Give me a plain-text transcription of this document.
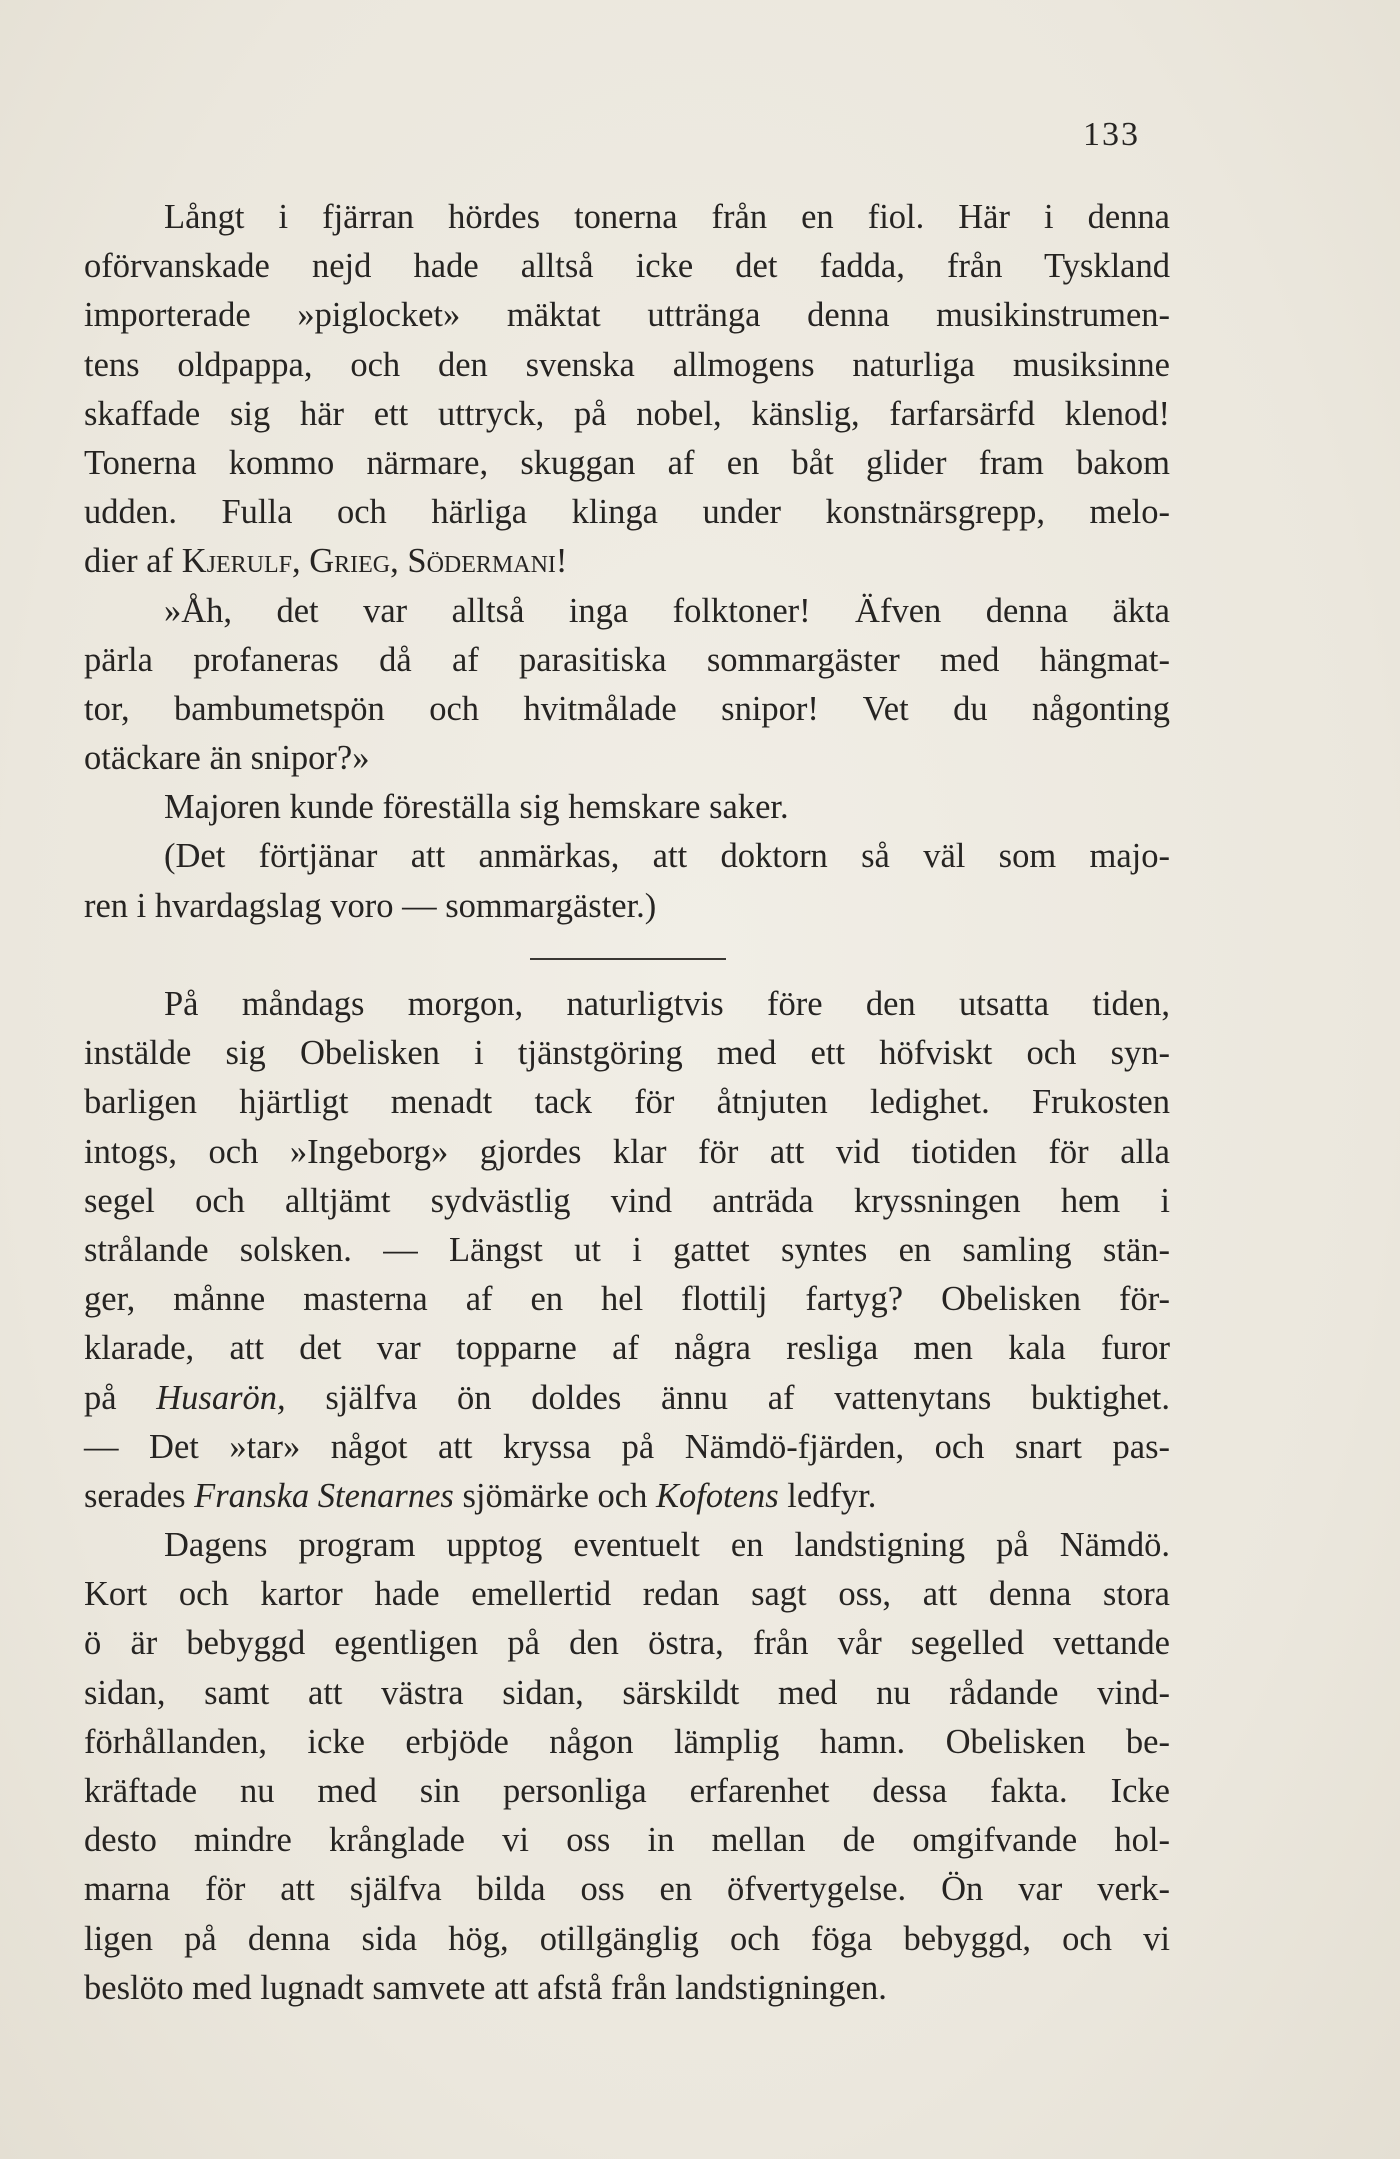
133
Långt i fjärran hördes tonerna från en fiol. Här i denna
oförvanskade nejd hade alltså icke det fadda, från Tyskland
importerade »piglocket» mäktat uttränga denna musikinstrumen-
tens oldpappa, och den svenska allmogens naturliga musiksinne
skaffade sig här ett uttryck, på nobel, känslig, farfarsärfd klenod!
Tonerna kommo närmare, skuggan af en båt glider fram bakom
udden. Fulla och härliga klinga under konstnärsgrepp, melo-
dier af Kjerulf, Grieg, Södermani!
»Åh, det var alltså inga folktoner! Äfven denna äkta
pärla profaneras då af parasitiska sommargäster med hängmat-
tor, bambumetspön och hvitmålade snipor! Vet du någonting
otäckare än snipor?»
Majoren kunde föreställa sig hemskare saker.
(Det förtjänar att anmärkas, att doktorn så väl som majo-
ren i hvardagslag voro — sommargäster.)
På måndags morgon, naturligtvis före den utsatta tiden,
instälde sig Obelisken i tjänstgöring med ett höfviskt och syn-
barligen hjärtligt menadt tack för åtnjuten ledighet. Frukosten
intogs, och »Ingeborg» gjordes klar för att vid tiotiden för alla
segel och alltjämt sydvästlig vind anträda kryssningen hem i
strålande solsken. — Längst ut i gattet syntes en samling stän-
ger, månne masterna af en hel flottilj fartyg? Obelisken för-
klarade, att det var topparne af några resliga men kala furor
på Husarön, själfva ön doldes ännu af vattenytans buktighet.
— Det »tar» något att kryssa på Nämdö-fjärden, och snart pas-
serades Franska Stenarnes sjömärke och Kofotens ledfyr.
Dagens program upptog eventuelt en landstigning på Nämdö.
Kort och kartor hade emellertid redan sagt oss, att denna stora
ö är bebyggd egentligen på den östra, från vår segelled vettande
sidan, samt att västra sidan, särskildt med nu rådande vind-
förhållanden, icke erbjöde någon lämplig hamn. Obelisken be-
kräftade nu med sin personliga erfarenhet dessa fakta. Icke
desto mindre krånglade vi oss in mellan de omgifvande hol-
marna för att själfva bilda oss en öfvertygelse. Ön var verk-
ligen på denna sida hög, otillgänglig och föga bebyggd, och vi
beslöto med lugnadt samvete att afstå från landstigningen.
